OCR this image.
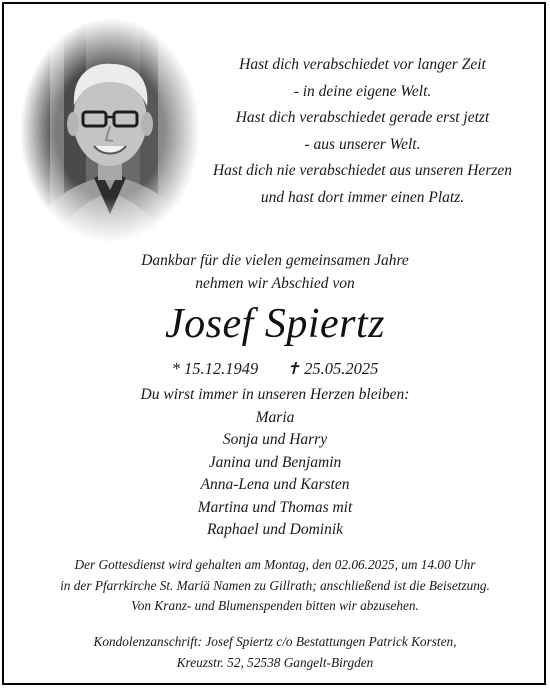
Hast dich verabschiedet vor langer Zeit
- in deine eigene Welt.
Hast dich verabschiedet gerade erst jetzt
- aus unserer Welt.
Hast dich nie verabschiedet aus unseren Herzen
und hast dort immer einen Platz.
Dankbar für die vielen gemeinsamen Jahre
nehmen wir Abschied von
Josef Spiertz
* 15.12.1949 ✝ 25.05.2025
Du wirst immer in unseren Herzen bleiben:
Maria
Sonja und Harry
Janina und Benjamin
Anna-Lena und Karsten
Martina und Thomas mit
Raphael und Dominik
Der Gottesdienst wird gehalten am Montag, den 02.06.2025, um 14.00 Uhr
in der Pfarrkirche St. Mariä Namen zu Gillrath; anschließend ist die Beisetzung.
Von Kranz- und Blumenspenden bitten wir abzusehen.
Kondolenzanschrift: Josef Spiertz c/o Bestattungen Patrick Korsten,
Kreuzstr. 52, 52538 Gangelt-Birgden
